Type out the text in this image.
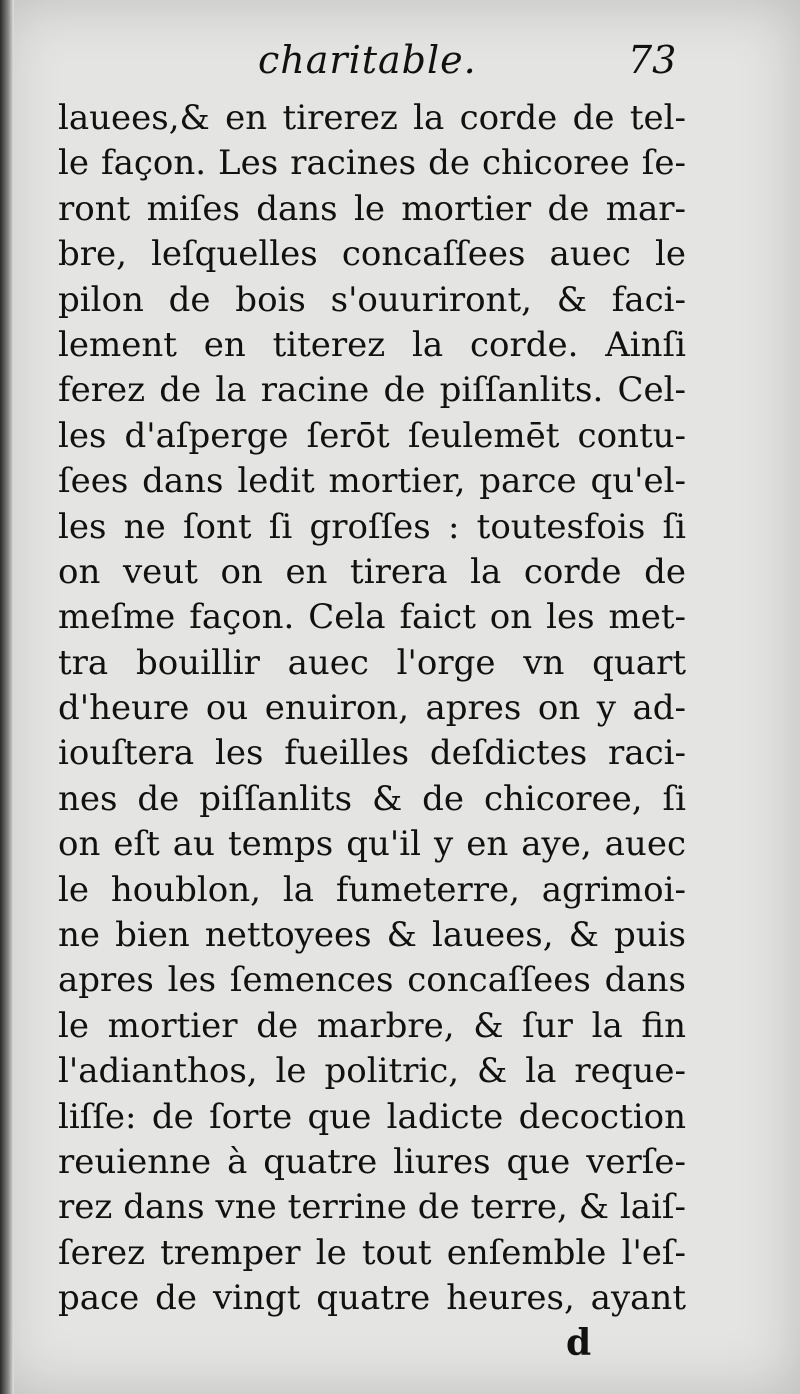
charitable.	73
lauees,& en tirerez la corde de tel-
le façon. Les racines de chicoree ſe-
ront miſes dans le mortier de mar-
bre, leſquelles concaſſees auec le
pilon de bois s'ouuriront, & faci-
lement en titerez la corde. Ainſi
ferez de la racine de piſſanlits. Cel-
les d'aſperge ſerōt ſeulemēt contu-
ſees dans ledit mortier, parce qu'el-
les ne ſont ſi groſſes : toutesfois ſi
on veut on en tirera la corde de
meſme façon. Cela faict on les met-
tra bouillir auec l'orge vn quart
d'heure ou enuiron, apres on y ad-
iouſtera les fueilles deſdictes raci-
nes de piſſanlits & de chicoree, ſi
on eſt au temps qu'il y en aye, auec
le houblon, la fumeterre, agrimoi-
ne bien nettoyees & lauees, & puis
apres les ſemences concaſſees dans
le mortier de marbre, & ſur la fin
l'adianthos, le politric, & la reque-
liſſe: de ſorte que ladicte decoction
reuienne à quatre liures que verſe-
rez dans vne terrine de terre, & laiſ-
ſerez tremper le tout enſemble l'eſ-
pace de vingt quatre heures, ayant
d
